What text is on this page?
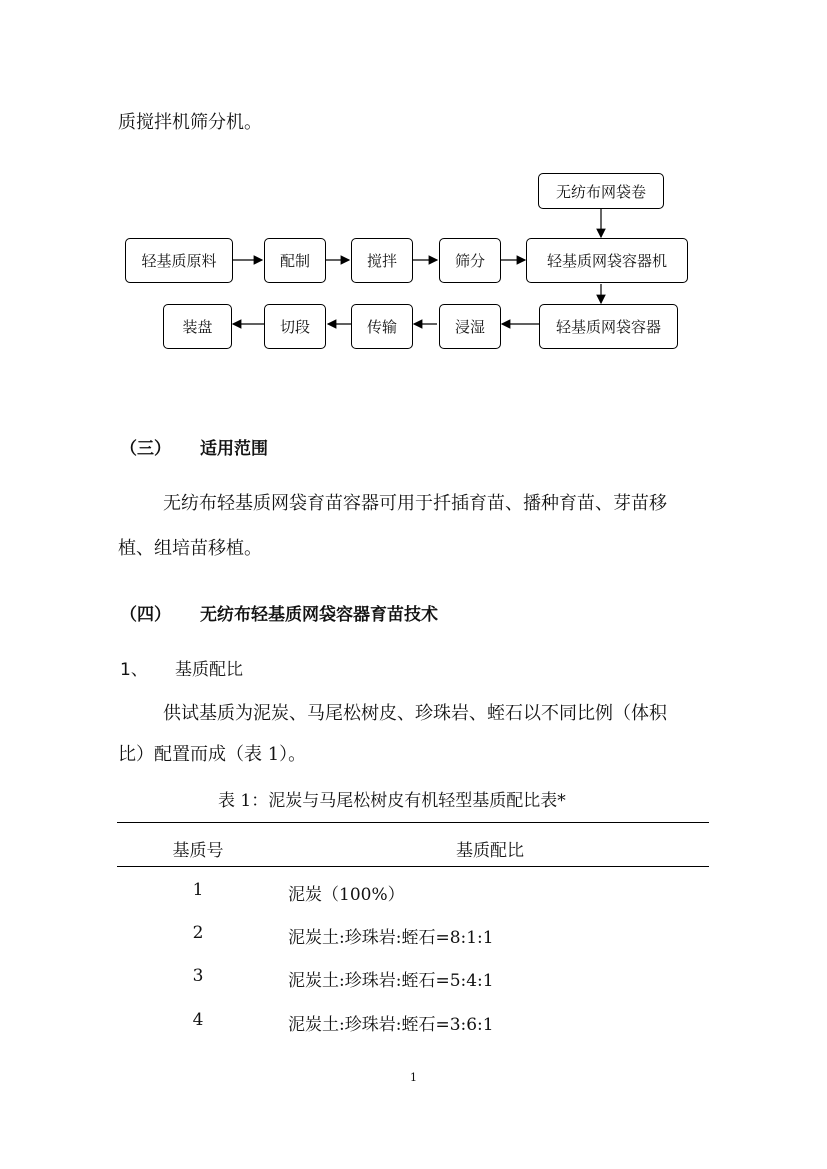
质搅拌机筛分机。
无纺布网袋卷
轻基质原料	配制	搅拌	筛分	轻基质网袋容器机
装盘	切段	传输	浸湿	轻基质网袋容器
（三） 适用范围
无纺布轻基质网袋育苗容器可用于扦插育苗、播种育苗、芽苗移
植、组培苗移植。
（四） 无纺布轻基质网袋容器育苗技术
1、 基质配比
供试基质为泥炭、马尾松树皮、珍珠岩、蛭石以不同比例（体积
比）配置而成（表 1）。
表 1：泥炭与马尾松树皮有机轻型基质配比表*
基质号	基质配比
1	泥炭（100%）
2	泥炭土:珍珠岩:蛭石=8:1:1
3	泥炭土:珍珠岩:蛭石=5:4:1
4	泥炭土:珍珠岩:蛭石=3:6:1
1
